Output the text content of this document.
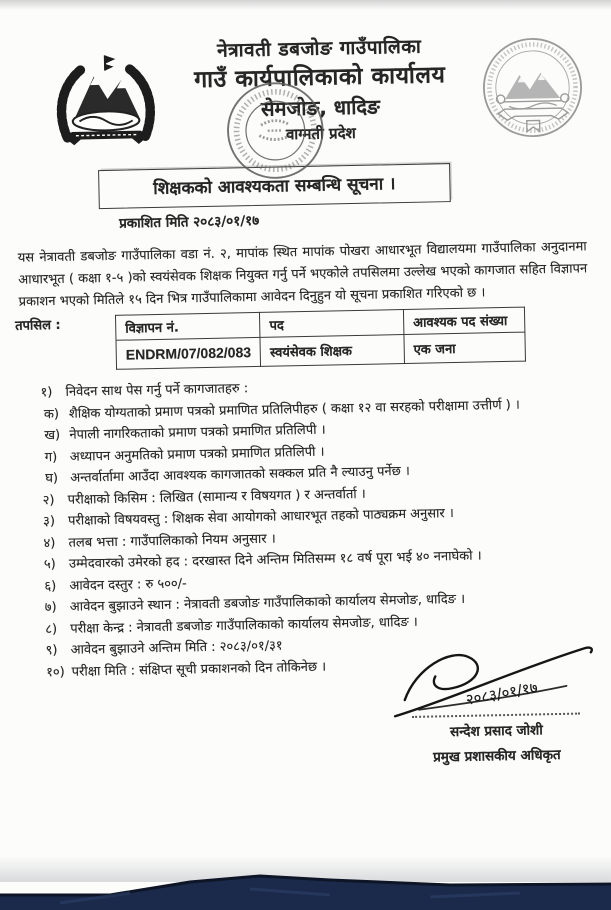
नेत्रावती डबजोङ गाउँपालिका
गाउँ कार्यपालिकाको कार्यालय
सेमजोङ, धादिङ
वाग्मती प्रदेश
शिक्षकको आवश्यकता सम्बन्धि सूचना ।
प्रकाशित मिति २०८३/०१/१७

यस नेत्रावती डबजोङ गाउँपालिका वडा नं. २, मापांक स्थित मापांक पोखरा आधारभूत विद्यालयमा गाउँपालिका अनुदानमा आधारभूत ( कक्षा १-५ )को स्वयंसेवक शिक्षक नियुक्त गर्नु पर्ने भएकोले तपसिलमा उल्लेख भएको कागजात सहित विज्ञापन प्रकाशन भएको मितिले १५ दिन भित्र गाउँपालिकामा आवेदन दिनुहुन यो सूचना प्रकाशित गरिएको छ ।

तपसिल :	विज्ञापन नं.	पद	आवश्यक पद संख्या
ENDRM/07/082/083	स्वयंसेवक शिक्षक	एक जना
१) निवेदन साथ पेस गर्नु पर्ने कागजातहरु :
क) शैक्षिक योग्यताको प्रमाण पत्रको प्रमाणित प्रतिलिपीहरु ( कक्षा १२ वा सरहको परीक्षामा उत्तीर्ण ) ।
ख) नेपाली नागरिकताको प्रमाण पत्रको प्रमाणित प्रतिलिपी ।
ग) अध्यापन अनुमतिको प्रमाण पत्रको प्रमाणित प्रतिलिपी ।
घ) अन्तर्वार्तामा आउँदा आवश्यक कागजातको सक्कल प्रति नै ल्याउनु पर्नेछ ।
२) परीक्षाको किसिम : लिखित (सामान्य र विषयगत ) र अन्तर्वार्ता ।
३) परीक्षाको विषयवस्तु : शिक्षक सेवा आयोगको आधारभूत तहको पाठ्यक्रम अनुसार ।
४) तलब भत्ता : गाउँपालिकाको नियम अनुसार ।
५) उम्मेदवारको उमेरको हद : दरखास्त दिने अन्तिम मितिसम्म १८ वर्ष पूरा भई ४० ननाघेको ।
६) आवेदन दस्तुर : रु ५००/-
७) आवेदन बुझाउने स्थान : नेत्रावती डबजोङ गाउँपालिकाको कार्यालय सेमजोङ, धादिङ ।
८) परीक्षा केन्द्र : नेत्रावती डबजोङ गाउँपालिकाको कार्यालय सेमजोङ, धादिङ ।
९) आवेदन बुझाउने अन्तिम मिति : २०८३/०१/३१
१०) परीक्षा मिति : संक्षिप्त सूची प्रकाशनको दिन तोकिनेछ ।
२०८३/०१/१७
सन्देश प्रसाद जोशी
प्रमुख प्रशासकीय अधिकृत
